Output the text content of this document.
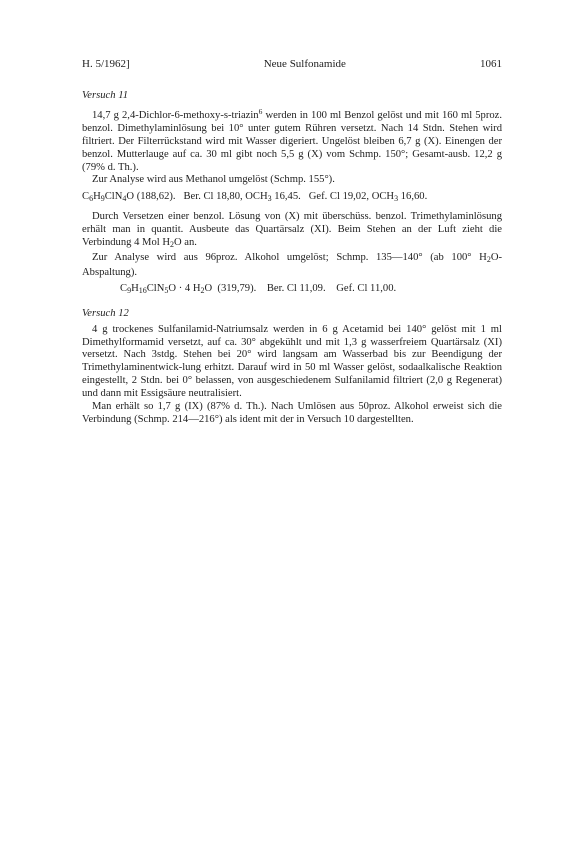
H. 5/1962]	Neue Sulfonamide	1061
Versuch 11

14,7 g 2,4-Dichlor-6-methoxy-s-triazin$^6$ werden in 100 ml Benzol gelöst und mit 160 ml 5proz. benzol. Dimethylaminlösung bei 10° unter gutem Rühren versetzt. Nach 14 Stdn. Stehen wird filtriert. Der Filterrückstand wird mit Wasser digeriert. Ungelöst bleiben 6,7 g (X). Einengen der benzol. Mutterlauge auf ca. 30 ml gibt noch 5,5 g (X) vom Schmp. 150°; Gesamt-ausb. 12,2 g (79% d. Th.).

Zur Analyse wird aus Methanol umgelöst (Schmp. 155°).

$C_6H_9ClN_4O$ (188,62).   Ber. Cl 18,80, $OCH_3$ 16,45.   Gef. Cl 19,02, $OCH_3$ 16,60.

Durch Versetzen einer benzol. Lösung von (X) mit überschüss. benzol. Trimethylaminlösung erhält man in quantit. Ausbeute das Quartärsalz (XI). Beim Stehen an der Luft zieht die Verbindung 4 Mol $H_2O$ an.

Zur Analyse wird aus 96proz. Alkohol umgelöst; Schmp. 135—140° (ab 100° $H_2O-Abspaltung$).

$C_9H_{16}ClN_5O \cdot 4$ $H_2O$  (319,79).    Ber. Cl 11,09.    Gef. Cl 11,00.

Versuch 12

4 g trockenes Sulfanilamid-Natriumsalz werden in 6 g Acetamid bei 140° gelöst mit 1 ml Dimethylformamid versetzt, auf ca. 30° abgekühlt und mit 1,3 g wasserfreiem Quartärsalz (XI) versetzt. Nach 3stdg. Stehen bei 20° wird langsam am Wasserbad bis zur Beendigung der Trimethylaminentwick-lung erhitzt. Darauf wird in 50 ml Wasser gelöst, sodaalkalische Reaktion eingestellt, 2 Stdn. bei 0° belassen, von ausgeschiedenem Sulfanilamid filtriert (2,0 g Regenerat) und dann mit Essigsäure neutralisiert.

Man erhält so 1,7 g (IX) (87% d. Th.). Nach Umlösen aus 50proz. Alkohol erweist sich die Verbindung (Schmp. 214—216°) als ident mit der in Versuch 10 dargestellten.
